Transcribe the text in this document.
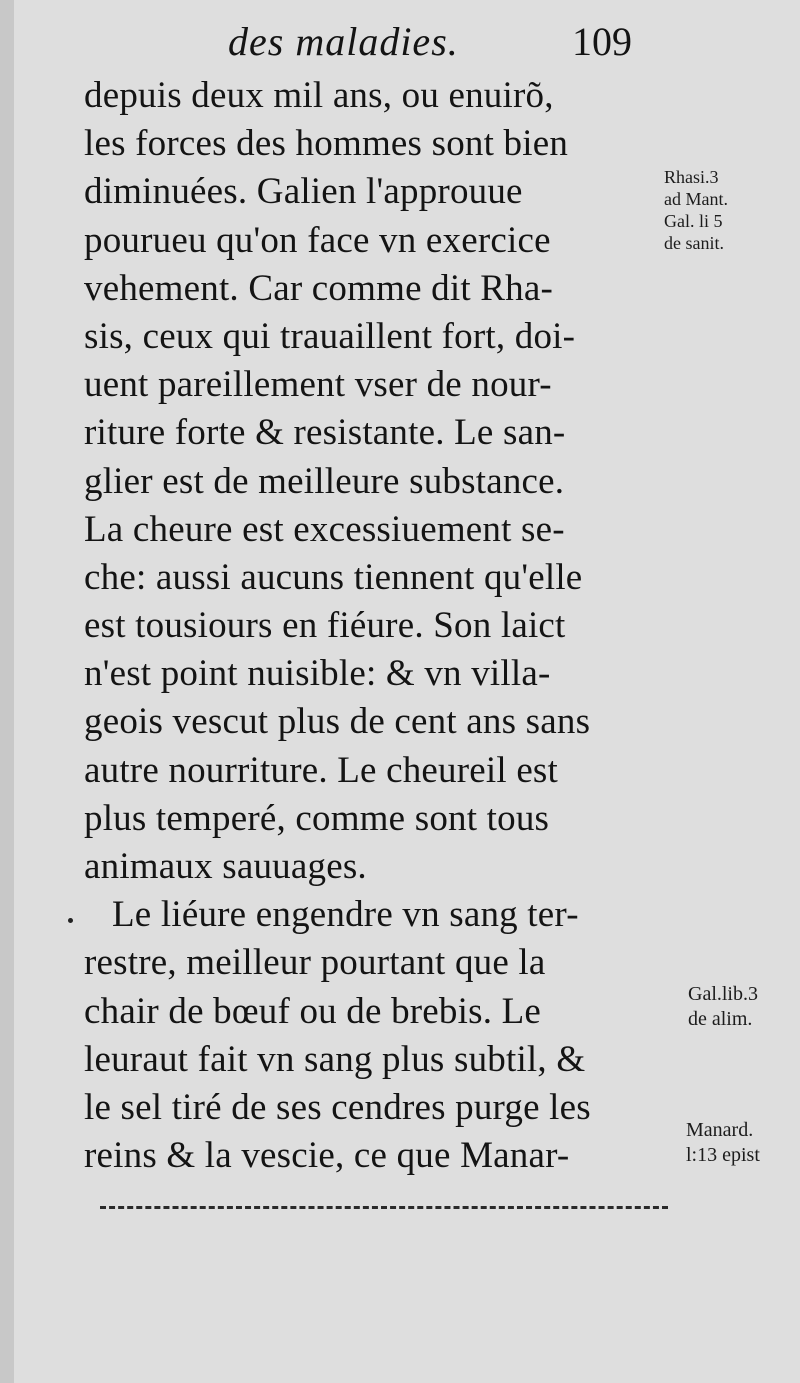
des maladies.	109
depuis deux mil ans, ou enuirõ,
les forces des hommes sont bien
diminuées. Galien l'approuue
pourueu qu'on face vn exercice
vehement. Car comme dit Rha-
sis, ceux qui trauaillent fort, doi-
uent pareillement vser de nour-
riture forte & resistante. Le san-
glier est de meilleure substance.
La cheure est excessiuement se-
che: aussi aucuns tiennent qu'elle
est tousiours en fiéure. Son laict
n'est point nuisible: & vn villa-
geois vescut plus de cent ans sans
autre nourriture. Le cheureil est
plus temperé, comme sont tous
animaux sauuages.
Le liéure engendre vn sang ter-
restre, meilleur pourtant que la
chair de bœuf ou de brebis. Le
leuraut fait vn sang plus subtil, &
le sel tiré de ses cendres purge les
reins & la vescie, ce que Manar-
Rhasi.3
ad Mant.
Gal. li 5
de sanit.
Gal.lib.3
de alim.
Manard.
l:13 epist
